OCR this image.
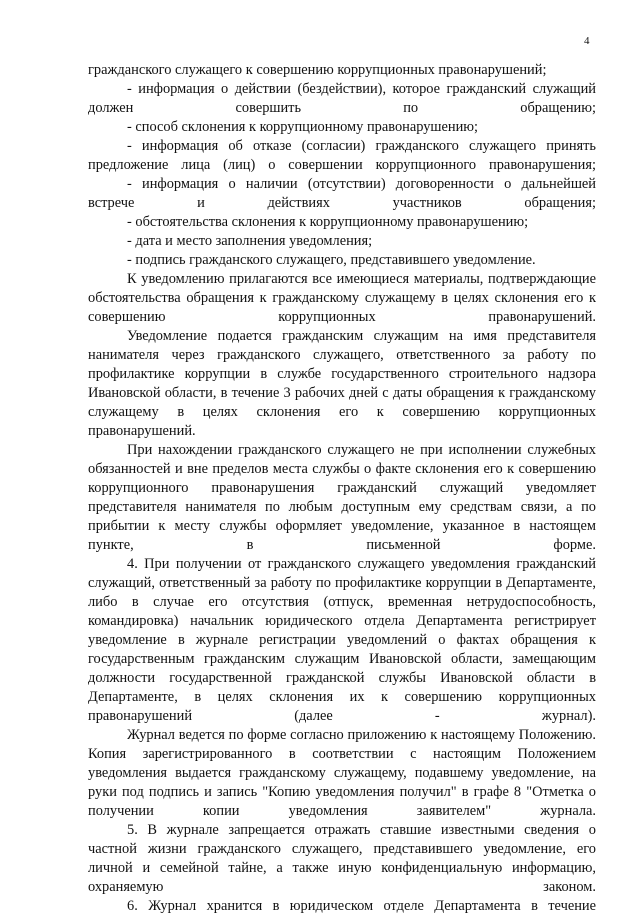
4

гражданского служащего к совершению коррупционных правонарушений;

- информация о действии (бездействии), которое гражданский служащий должен совершить по обращению;

- способ склонения к коррупционному правонарушению;

- информация об отказе (согласии) гражданского служащего принять предложение лица (лиц) о совершении коррупционного правонарушения;

- информация о наличии (отсутствии) договоренности о дальнейшей встрече и действиях участников обращения;

- обстоятельства склонения к коррупционному правонарушению;

- дата и место заполнения уведомления;

- подпись гражданского служащего, представившего уведомление.

К уведомлению прилагаются все имеющиеся материалы, подтверждающие обстоятельства обращения к гражданскому служащему в целях склонения его к совершению коррупционных правонарушений.

Уведомление подается гражданским служащим на имя представителя нанимателя через гражданского служащего, ответственного за работу по профилактике коррупции в службе государственного строительного надзора Ивановской области, в течение 3 рабочих дней с даты обращения к гражданскому служащему в целях склонения его к совершению коррупционных правонарушений.

При нахождении гражданского служащего не при исполнении служебных обязанностей и вне пределов места службы о факте склонения его к совершению коррупционного правонарушения гражданский служащий уведомляет представителя нанимателя по любым доступным ему средствам связи, а по прибытии к месту службы оформляет уведомление, указанное в настоящем пункте, в письменной форме.

4. При получении от гражданского служащего уведомления гражданский служащий, ответственный за работу по профилактике коррупции в Департаменте, либо в случае его отсутствия (отпуск, временная нетрудоспособность, командировка) начальник юридического отдела Департамента регистрирует уведомление в журнале регистрации уведомлений о фактах обращения к государственным гражданским служащим Ивановской области, замещающим должности государственной гражданской службы Ивановской области в Департаменте, в целях склонения их к совершению коррупционных правонарушений (далее - журнал).

Журнал ведется по форме согласно приложению к настоящему Положению. Копия зарегистрированного в соответствии с настоящим Положением уведомления выдается гражданскому служащему, подавшему уведомление, на руки под подпись и запись "Копию уведомления получил" в графе 8 "Отметка о получении копии уведомления заявителем" журнала.

5. В журнале запрещается отражать ставшие известными сведения о частной жизни гражданского служащего, представившего уведомление, его личной и семейной тайне, а также иную конфиденциальную информацию, охраняемую законом.

6. Журнал хранится в юридическом отделе Департамента в течение
